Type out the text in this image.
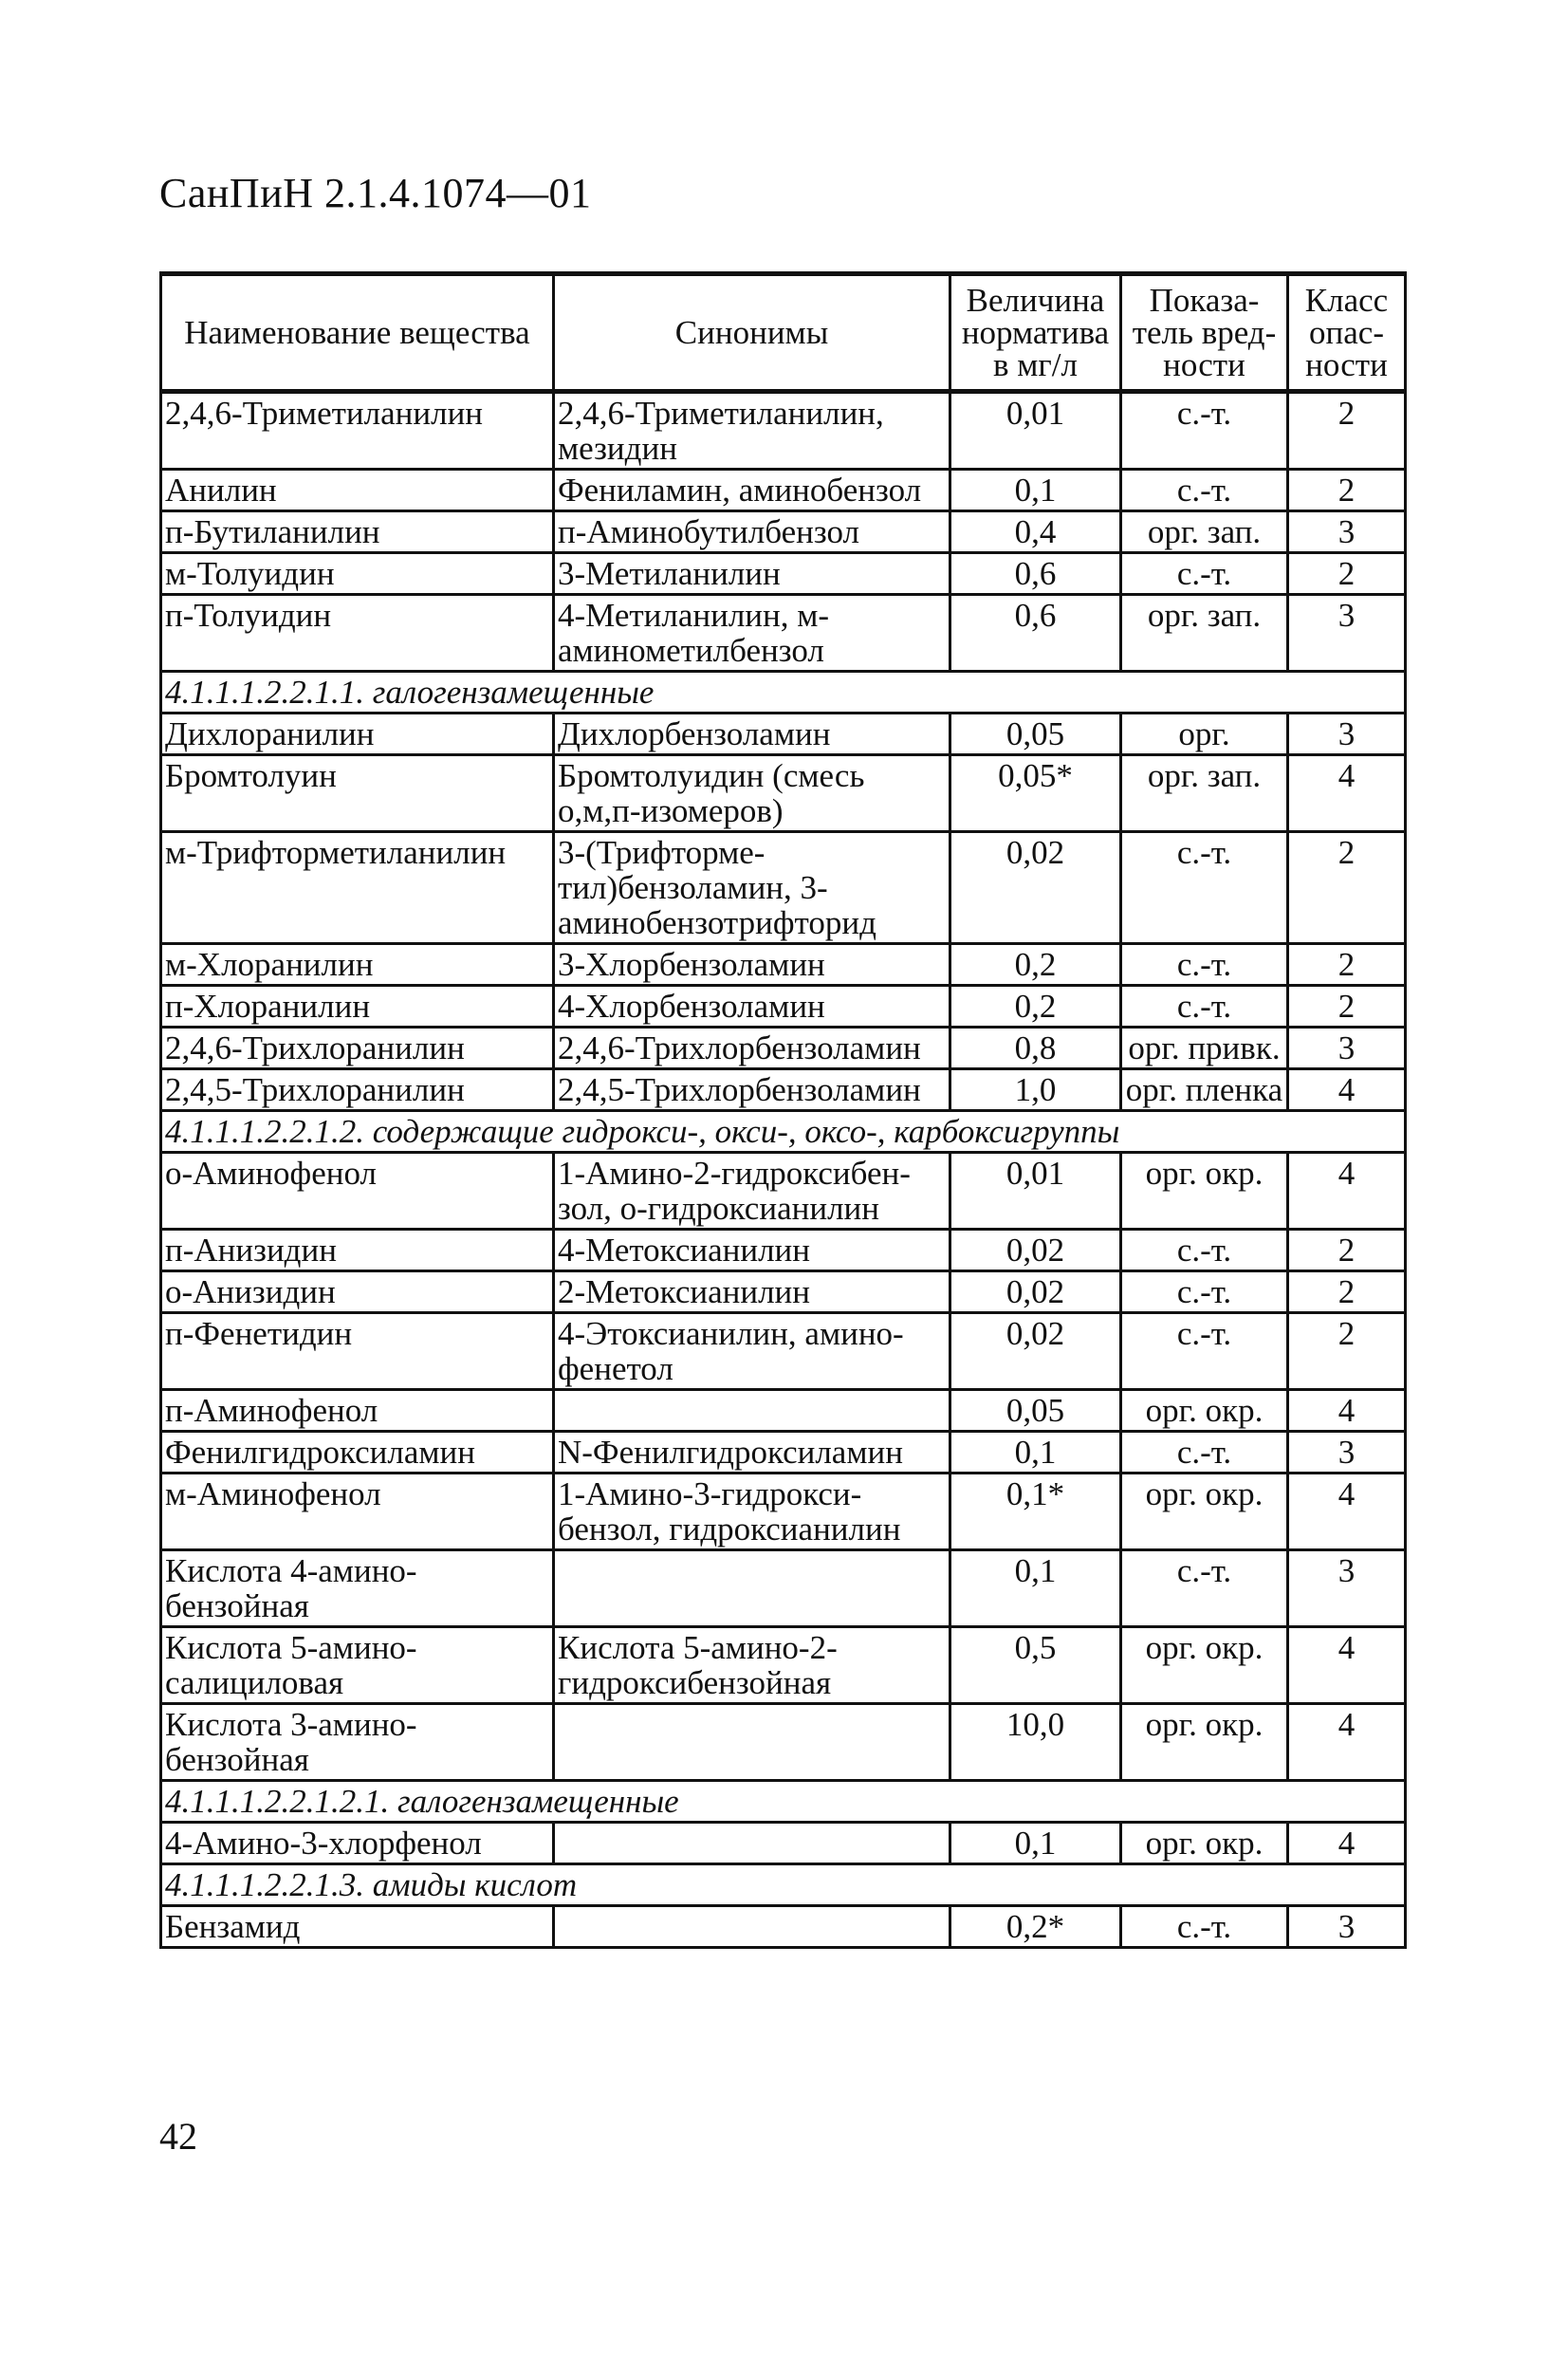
СанПиН 2.1.4.1074—01
Наименование вещества	Синонимы	Величина норматива в мг/л	Показа- тель вред- ности	Класс опас- ности
2,4,6-Триметиланилин	2,4,6-Триметиланилин, мезидин	0,01	с.-т.	2
Анилин	Фениламин, аминобензол	0,1	с.-т.	2
п-Бутиланилин	п-Аминобутилбензол	0,4	орг. зап.	3
м-Толуидин	3-Метиланилин	0,6	с.-т.	2
п-Толуидин	4-Метиланилин, м-аминометилбензол	0,6	орг. зап.	3
4.1.1.1.2.2.1.1. галогензамещенные				
Дихлоранилин	Дихлорбензоламин	0,05	орг.	3
Бромтолуин	Бромтолуидин (смесь о,м,п-изомеров)	0,05*	орг. зап.	4
м-Трифторметиланилин	3-(Трифторме-тил)бензоламин, 3-аминобензотрифторид	0,02	с.-т.	2
м-Хлоранилин	3-Хлорбензоламин	0,2	с.-т.	2
п-Хлоранилин	4-Хлорбензоламин	0,2	с.-т.	2
2,4,6-Трихлоранилин	2,4,6-Трихлорбензоламин	0,8	орг. привк.	3
2,4,5-Трихлоранилин	2,4,5-Трихлорбензоламин	1,0	орг. пленка	4
4.1.1.1.2.2.1.2. содержащие гидрокси-, окси-, оксо-, карбоксигруппы				
о-Аминофенол	1-Амино-2-гидроксибен-зол, о-гидроксианилин	0,01	орг. окр.	4
п-Анизидин	4-Метоксианилин	0,02	с.-т.	2
о-Анизидин	2-Метоксианилин	0,02	с.-т.	2
п-Фенетидин	4-Этоксианилин, амино-фенетол	0,02	с.-т.	2
п-Аминофенол		0,05	орг. окр.	4
Фенилгидроксиламин	N-Фенилгидроксиламин	0,1	с.-т.	3
м-Аминофенол	1-Амино-3-гидрокси-бензол, гидроксианилин	0,1*	орг. окр.	4
Кислота 4-амино-бензойная		0,1	с.-т.	3
Кислота 5-амино-салициловая	Кислота 5-амино-2-гидроксибензойная	0,5	орг. окр.	4
Кислота 3-амино-бензойная		10,0	орг. окр.	4
4.1.1.1.2.2.1.2.1. галогензамещенные				
4-Амино-3-хлорфенол		0,1	орг. окр.	4
4.1.1.1.2.2.1.3. амиды кислот				
Бензамид		0,2*	с.-т.	3
42
